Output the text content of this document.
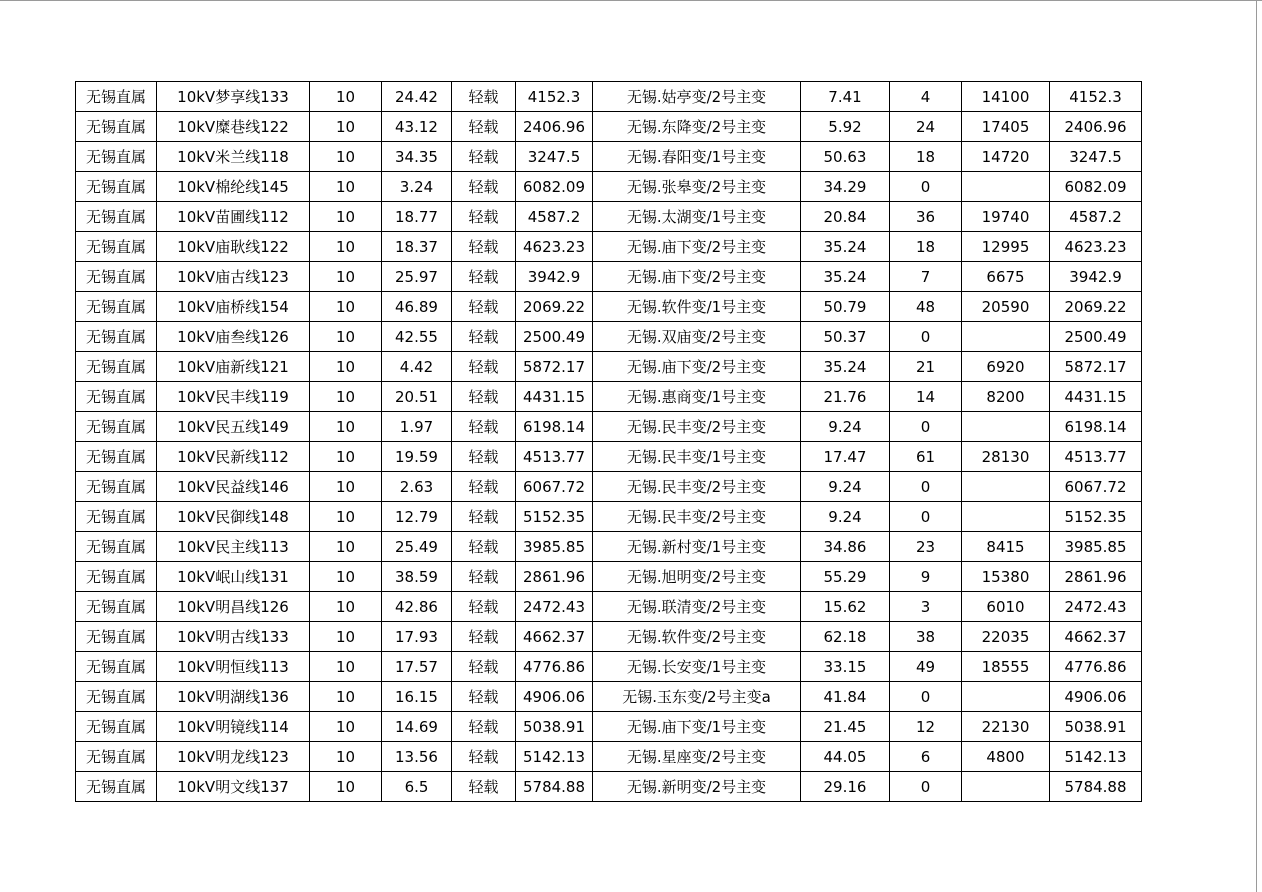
无锡直属	10kV梦享线133	10	24.42	轻载	4152.3	无锡.姑亭变/2号主变	7.41	4	14100	4152.3
无锡直属	10kV糜巷线122	10	43.12	轻载	2406.96	无锡.东降变/2号主变	5.92	24	17405	2406.96
无锡直属	10kV米兰线118	10	34.35	轻载	3247.5	无锡.春阳变/1号主变	50.63	18	14720	3247.5
无锡直属	10kV棉纶线145	10	3.24	轻载	6082.09	无锡.张皋变/2号主变	34.29	0		6082.09
无锡直属	10kV苗圃线112	10	18.77	轻载	4587.2	无锡.太湖变/1号主变	20.84	36	19740	4587.2
无锡直属	10kV庙耿线122	10	18.37	轻载	4623.23	无锡.庙下变/2号主变	35.24	18	12995	4623.23
无锡直属	10kV庙古线123	10	25.97	轻载	3942.9	无锡.庙下变/2号主变	35.24	7	6675	3942.9
无锡直属	10kV庙桥线154	10	46.89	轻载	2069.22	无锡.软件变/1号主变	50.79	48	20590	2069.22
无锡直属	10kV庙叁线126	10	42.55	轻载	2500.49	无锡.双庙变/2号主变	50.37	0		2500.49
无锡直属	10kV庙新线121	10	4.42	轻载	5872.17	无锡.庙下变/2号主变	35.24	21	6920	5872.17
无锡直属	10kV民丰线119	10	20.51	轻载	4431.15	无锡.惠商变/1号主变	21.76	14	8200	4431.15
无锡直属	10kV民五线149	10	1.97	轻载	6198.14	无锡.民丰变/2号主变	9.24	0		6198.14
无锡直属	10kV民新线112	10	19.59	轻载	4513.77	无锡.民丰变/1号主变	17.47	61	28130	4513.77
无锡直属	10kV民益线146	10	2.63	轻载	6067.72	无锡.民丰变/2号主变	9.24	0		6067.72
无锡直属	10kV民御线148	10	12.79	轻载	5152.35	无锡.民丰变/2号主变	9.24	0		5152.35
无锡直属	10kV民主线113	10	25.49	轻载	3985.85	无锡.新村变/1号主变	34.86	23	8415	3985.85
无锡直属	10kV岷山线131	10	38.59	轻载	2861.96	无锡.旭明变/2号主变	55.29	9	15380	2861.96
无锡直属	10kV明昌线126	10	42.86	轻载	2472.43	无锡.联清变/2号主变	15.62	3	6010	2472.43
无锡直属	10kV明古线133	10	17.93	轻载	4662.37	无锡.软件变/2号主变	62.18	38	22035	4662.37
无锡直属	10kV明恒线113	10	17.57	轻载	4776.86	无锡.长安变/1号主变	33.15	49	18555	4776.86
无锡直属	10kV明湖线136	10	16.15	轻载	4906.06	无锡.玉东变/2号主变a	41.84	0		4906.06
无锡直属	10kV明镜线114	10	14.69	轻载	5038.91	无锡.庙下变/1号主变	21.45	12	22130	5038.91
无锡直属	10kV明龙线123	10	13.56	轻载	5142.13	无锡.星座变/2号主变	44.05	6	4800	5142.13
无锡直属	10kV明文线137	10	6.5	轻载	5784.88	无锡.新明变/2号主变	29.16	0		5784.88
